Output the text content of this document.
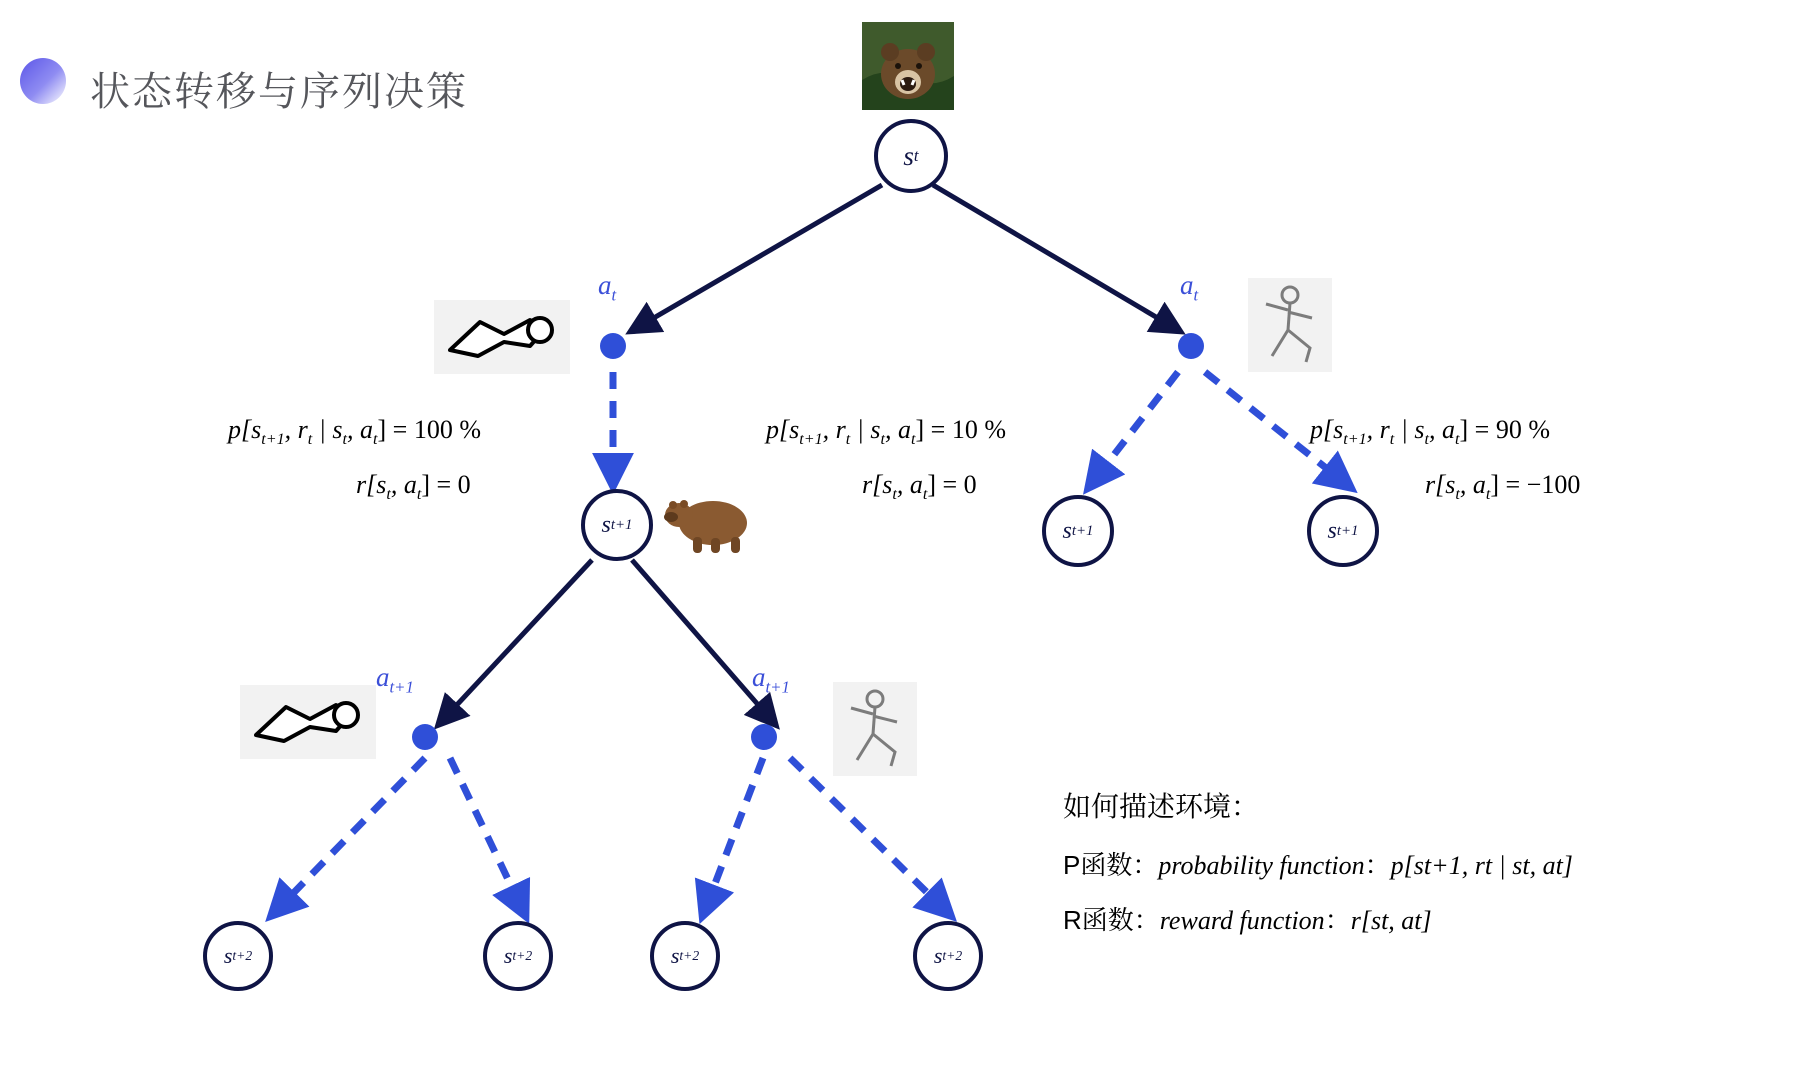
状态转移与序列决策
s t
s t+1	s t+1	s t+1
s t+2	s t+2	s t+2	s t+2
$a_t$	$a_t$
$a_{t+1}$	$a_{t+1}$
$p[s_{t+1}$, $r_t$ | $s_t$, $a_t] = 100$ %
$r[s_t$, $a_t] = 0$
$p[s_{t+1}$, $r_t$ | $s_t$, $a_t] = 10$ %
$r[s_t$, $a_t] = 0$
$p[s_{t+1}$, $r_t$ | $s_t$, $a_t] = 90$ %
$r[s_t$, $a_t] = -100$
如何描述环境：
P函数：probability function：p[st+1, rt | st, at]
R函数：reward function：r[st, at]
